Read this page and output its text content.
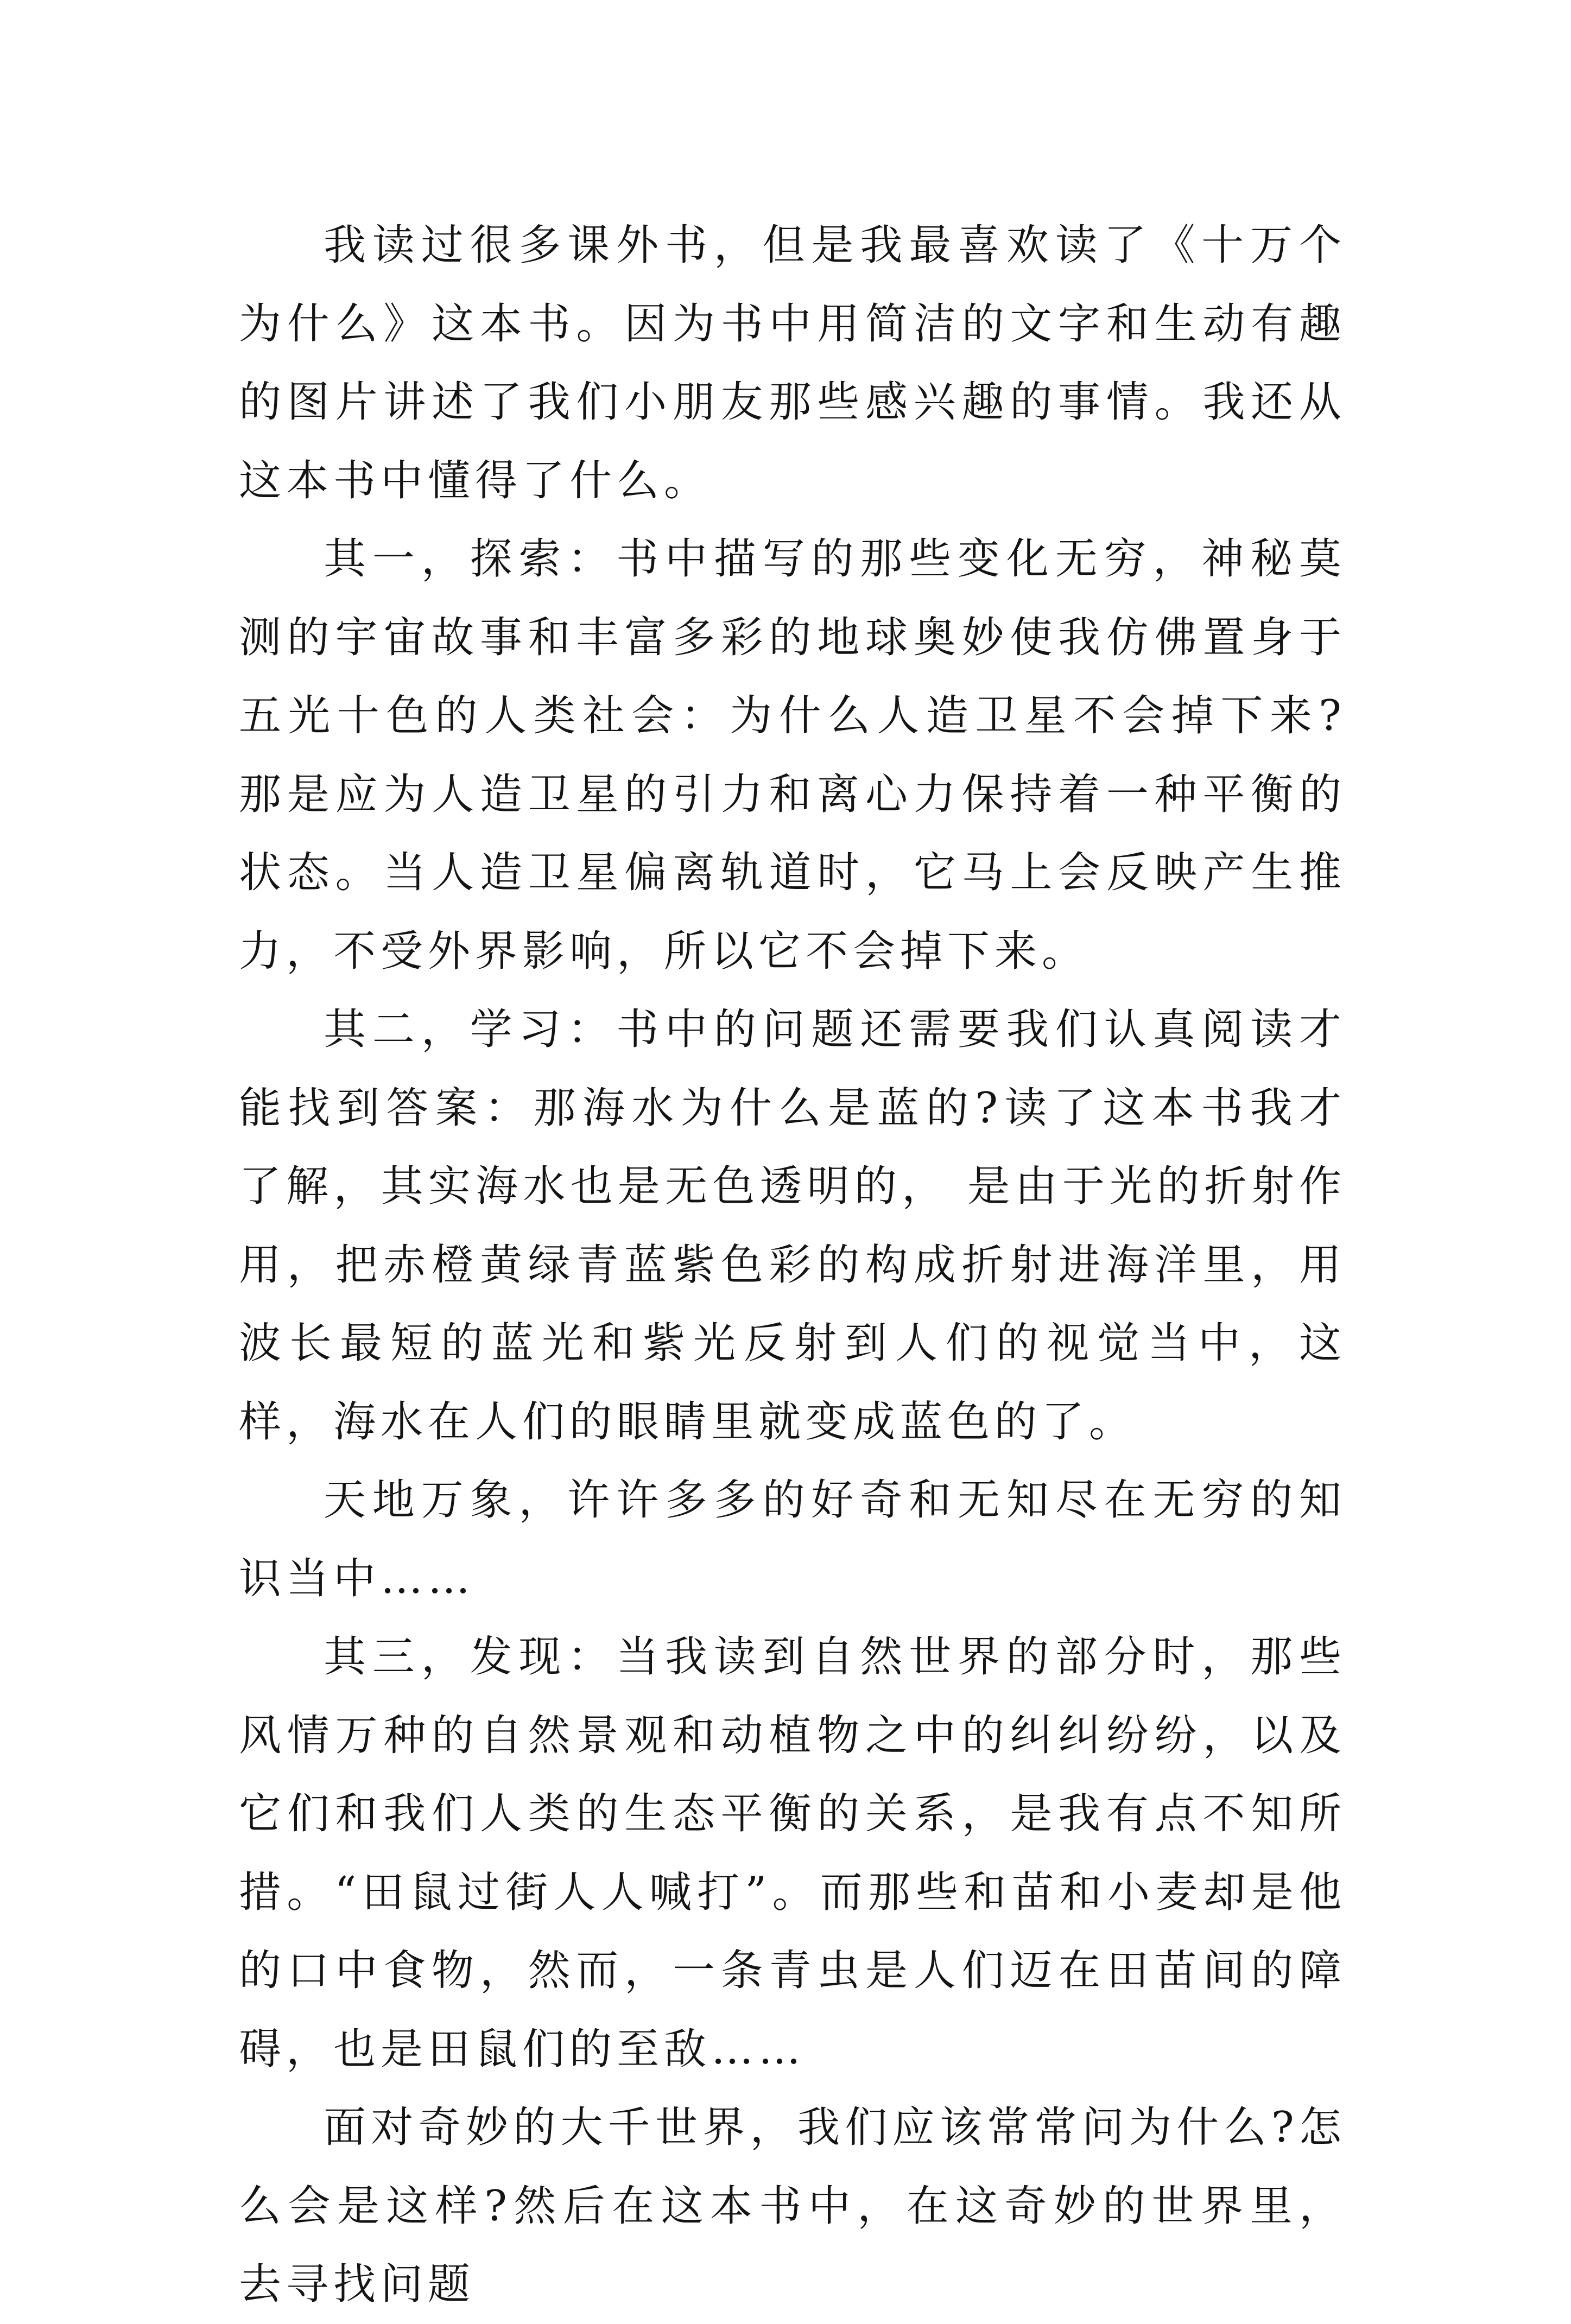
我读过很多课外书，但是我最喜欢读了《十万个为什么》这本书。因为书中用简洁的文字和生动有趣的图片讲述了我们小朋友那些感兴趣的事情。我还从这本书中懂得了什么。

其一，探索：书中描写的那些变化无穷，神秘莫测的宇宙故事和丰富多彩的地球奥妙使我仿佛置身于五光十色的人类社会：为什么人造卫星不会掉下来?那是应为人造卫星的引力和离心力保持着一种平衡的状态。当人造卫星偏离轨道时，它马上会反映产生推力，不受外界影响，所以它不会掉下来。

其二，学习：书中的问题还需要我们认真阅读才能找到答案：那海水为什么是蓝的?读了这本书我才了解，其实海水也是无色透明的， 是由于光的折射作用，把赤橙黄绿青蓝紫色彩的构成折射进海洋里，用波长最短的蓝光和紫光反射到人们的视觉当中，这样，海水在人们的眼睛里就变成蓝色的了。

天地万象，许许多多的好奇和无知尽在无穷的知识当中……

其三，发现：当我读到自然世界的部分时，那些风情万种的自然景观和动植物之中的纠纠纷纷，以及它们和我们人类的生态平衡的关系，是我有点不知所措。“田鼠过街人人喊打”。而那些和苗和小麦却是他的口中食物，然而，一条青虫是人们迈在田苗间的障碍，也是田鼠们的至敌……

面对奇妙的大千世界，我们应该常常问为什么?怎么会是这样?然后在这本书中，在这奇妙的世界里，去寻找问题
